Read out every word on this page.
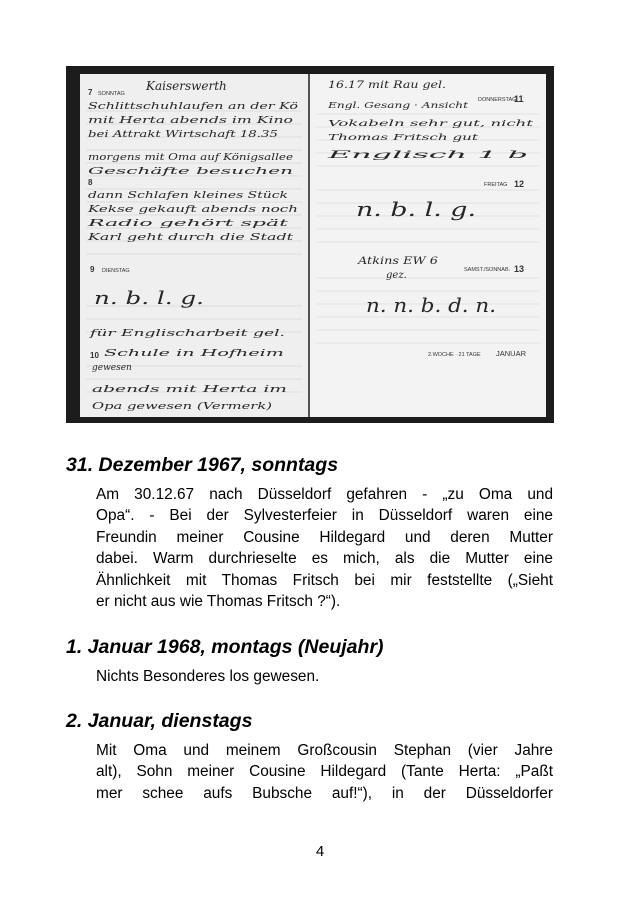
7 SONNTAG
8
9 DIENSTAG
10
Kaiserswerth
Schlittschuhlaufen an der Kö
mit Herta abends im Kino
bei Attrakt Wirtschaft 18.35
morgens mit Oma auf Königsallee
Geschäfte besuchen
dann Schlafen kleines Stück
Kekse gekauft abends noch
Radio gehört spät
Karl geht durch die Stadt
n. b. l. g.
für Englischarbeit gel.
Schule in Hofheim
gewesen
abends mit Herta im
Opa gewesen (Vermerk)
DONNERSTAG
11
FREITAG 12
SAMST./SONNAB. 13
2.WOCHE · 21 TAGE JANUAR
16.17 mit Rau gel.
Engl. Gesang · Ansicht
Vokabeln sehr gut, nicht
Thomas Fritsch gut
Englisch 1 b
n. b. l. g.
Atkins EW 6
gez.
n. n. b. d. n.
31. Dezember 1967, sonntags
Am 30.12.67 nach Düsseldorf gefahren - „zu Oma und
Opa“. - Bei der Sylvesterfeier in Düsseldorf waren eine
Freundin meiner Cousine Hildegard und deren Mutter
dabei. Warm durchrieselte es mich, als die Mutter eine
Ähnlichkeit mit Thomas Fritsch bei mir feststellte („Sieht
er nicht aus wie Thomas Fritsch ?“).
1. Januar 1968, montags (Neujahr)
Nichts Besonderes los gewesen.
2. Januar, dienstags
Mit Oma und meinem Großcousin Stephan (vier Jahre
alt), Sohn meiner Cousine Hildegard (Tante Herta: „Paßt
mer schee aufs Bubsche auf!“), in der Düsseldorfer
4
